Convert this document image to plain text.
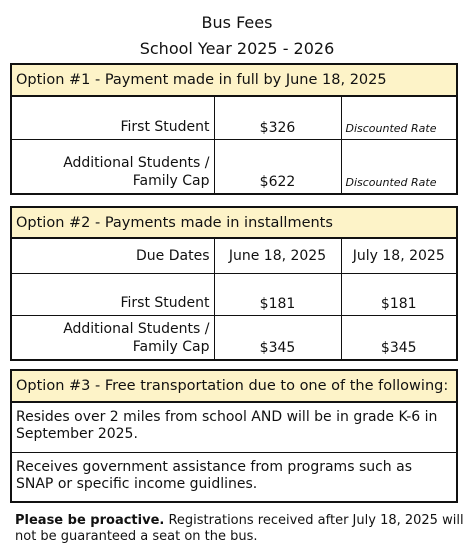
Bus Fees
School Year 2025 - 2026
Option #1 - Payment made in full by June 18, 2025
First Student	$326	Discounted Rate
Additional Students /
Family Cap	$622	Discounted Rate
Option #2 - Payments made in installments
Due Dates	June 18, 2025	July 18, 2025
First Student	$181	$181
Additional Students /
Family Cap	$345	$345
Option #3 - Free transportation due to one of the following:
Resides over 2 miles from school AND will be in grade K-6 in September 2025.
Receives government assistance from programs such as SNAP or specific income guidlines.
Please be proactive. Registrations received after July 18, 2025 will not be guaranteed a seat on the bus.
